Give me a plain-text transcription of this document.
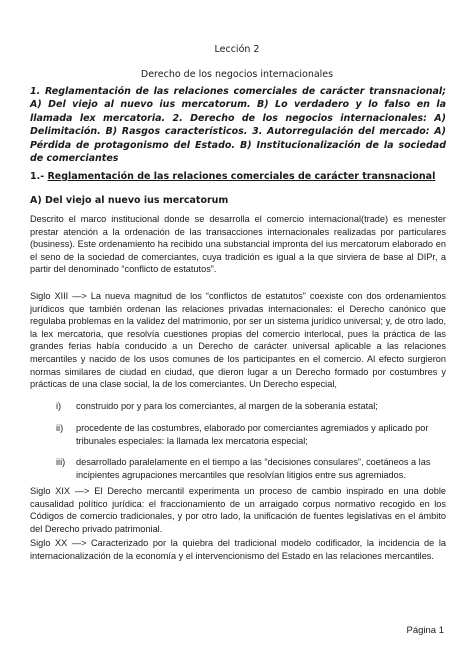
Lección 2
Derecho de los negocios internacionales
1. Reglamentación de las relaciones comerciales de carácter transnacional; A) Del viejo al nuevo ius mercatorum. B) Lo verdadero y lo falso en la llamada lex mercatoria. 2. Derecho de los negocios internacionales: A) Delimitación. B) Rasgos característicos. 3. Autorregulación del mercado: A) Pérdida de protagonismo del Estado. B) Institucionalización de la sociedad de comerciantes
1.- Reglamentación de las relaciones comerciales de carácter transnacional
A) Del viejo al nuevo ius mercatorum
Descrito el marco institucional donde se desarrolla el comercio internacional(trade) es menester prestar atención a la ordenación de las transacciones internacionales realizadas por particulares (business). Este ordenamiento ha recibido una substancial impronta del ius mercatorum elaborado en el seno de la sociedad de comerciantes, cuya tradición es igual a la que sirviera de base al DIPr, a partir del denominado “conflicto de estatutos”.
Siglo XIII —> La nueva magnitud de los “conflictos de estatutos” coexiste con dos ordenamientos jurídicos que también ordenan las relaciones privadas internacionales: el Derecho canónico que regulaba problemas en la validez del matrimonio, por ser un sistema jurídico universal; y, de otro lado, la lex mercatoria, que resolvía cuestiones propias del comercio interlocal, pues la práctica de las grandes ferias había conducido a un Derecho de carácter universal aplicable a las relaciones mercantiles y nacido de los usos comunes de los participantes en el comercio. Al efecto surgieron normas similares de ciudad en ciudad, que dieron lugar a un Derecho formado por costumbres y prácticas de una clase social, la de los comerciantes. Un Derecho especial,
i) construido por y para los comerciantes, al margen de la soberanía estatal;
ii) procedente de las costumbres, elaborado por comerciantes agremiados y aplicado por tribunales especiales: la llamada lex mercatoria especial;
iii) desarrollado paralelamente en el tiempo a las “decisiones consulares”, coetáneos a las incipientes agrupaciones mercantiles que resolvían litigios entre sus agremiados.
Siglo XIX —> El Derecho mercantil experimenta un proceso de cambio inspirado en una doble causalidad político jurídica: el fraccionamiento de un arraigado corpus normativo recogido en los Códigos de comercio tradicionales, y por otro lado, la unificación de fuentes legislativas en el ámbito del Derecho privado patrimonial.
Siglo XX —> Caracterizado por la quiebra del tradicional modelo codificador, la incidencia de la internacionalización de la economía y el intervencionismo del Estado en las relaciones mercantiles.
Página 1
